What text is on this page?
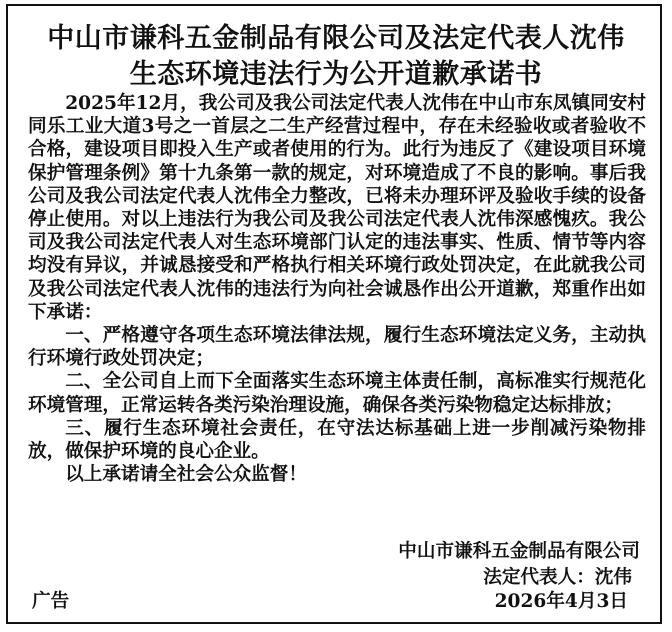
中山市谦科五金制品有限公司及法定代表人沈伟
生态环境违法行为公开道歉承诺书

2025年12月，我公司及我公司法定代表人沈伟在中山市东凤镇同安村同乐工业大道3号之一首层之二生产经营过程中，存在未经验收或者验收不合格，建设项目即投入生产或者使用的行为。此行为违反了《建设项目环境保护管理条例》第十九条第一款的规定，对环境造成了不良的影响。事后我公司及我公司法定代表人沈伟全力整改，已将未办理环评及验收手续的设备停止使用。对以上违法行为我公司及我公司法定代表人沈伟深感愧疚。我公司及我公司法定代表人对生态环境部门认定的违法事实、性质、情节等内容均没有异议，并诚恳接受和严格执行相关环境行政处罚决定，在此就我公司及我公司法定代表人沈伟的违法行为向社会诚恳作出公开道歉，郑重作出如下承诺：

一、严格遵守各项生态环境法律法规，履行生态环境法定义务，主动执行环境行政处罚决定；

二、全公司自上而下全面落实生态环境主体责任制，高标准实行规范化环境管理，正常运转各类污染治理设施，确保各类污染物稳定达标排放；

三、履行生态环境社会责任，在守法达标基础上进一步削减污染物排放，做保护环境的良心企业。

以上承诺请全社会公众监督！

中山市谦科五金制品有限公司
法定代表人：沈伟
2026年4月3日
广告
